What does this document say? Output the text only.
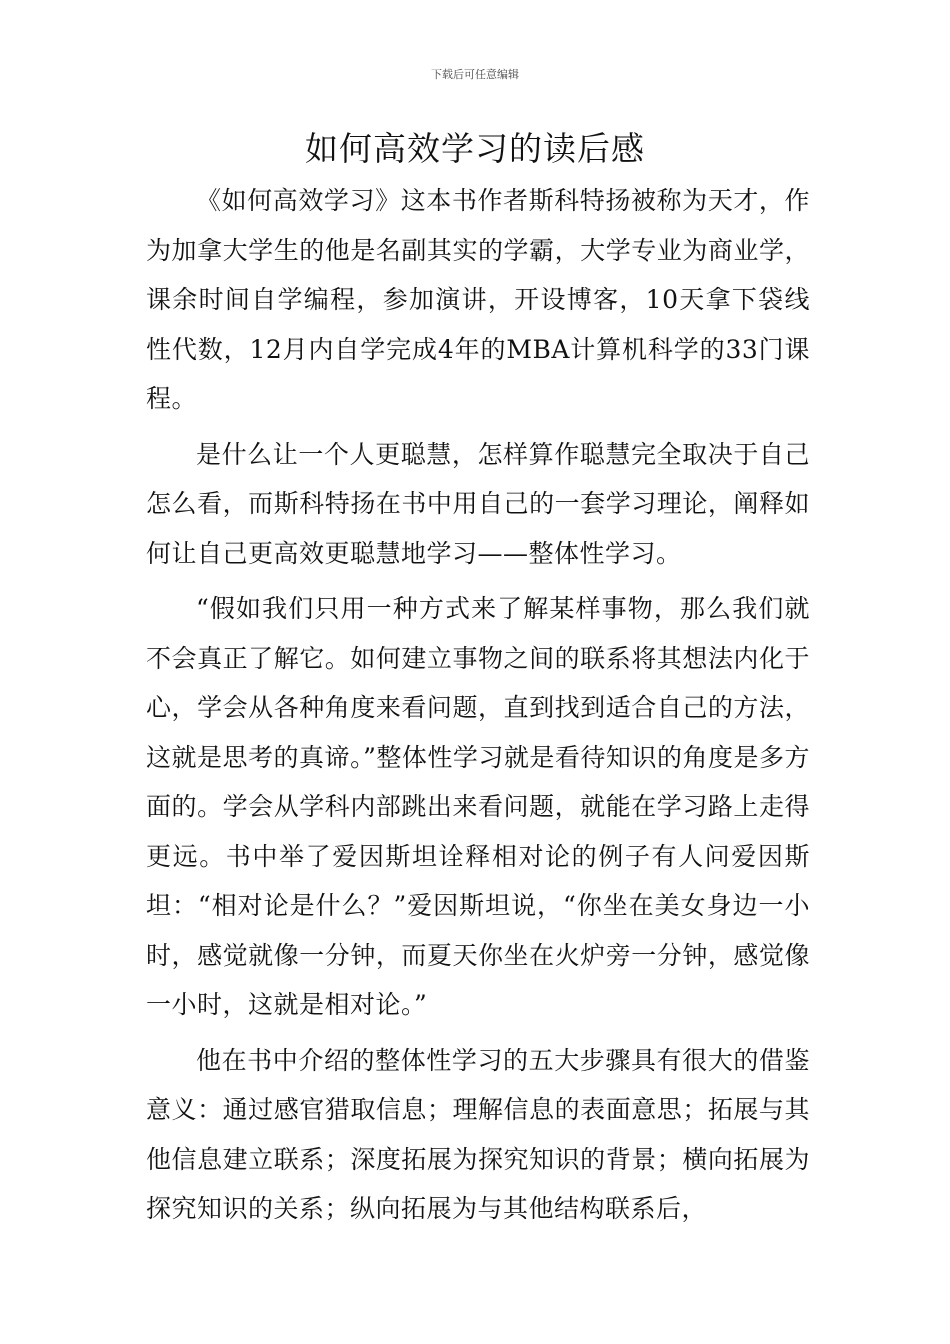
下载后可任意编辑
如何高效学习的读后感

《如何高效学习》这本书作者斯科特扬被称为天才，作为加拿大学生的他是名副其实的学霸，大学专业为商业学，课余时间自学编程，参加演讲，开设博客，10天拿下袋线性代数，12月内自学完成4年的MBA计算机科学的33门课程。

是什么让一个人更聪慧，怎样算作聪慧完全取决于自己怎么看，而斯科特扬在书中用自己的一套学习理论，阐释如何让自己更高效更聪慧地学习——整体性学习。

“假如我们只用一种方式来了解某样事物，那么我们就不会真正了解它。如何建立事物之间的联系将其想法内化于心，学会从各种角度来看问题，直到找到适合自己的方法，这就是思考的真谛。”整体性学习就是看待知识的角度是多方面的。学会从学科内部跳出来看问题，就能在学习路上走得更远。书中举了爱因斯坦诠释相对论的例子有人问爱因斯坦：“相对论是什么？”爱因斯坦说，“你坐在美女身边一小时，感觉就像一分钟，而夏天你坐在火炉旁一分钟，感觉像一小时，这就是相对论。”

他在书中介绍的整体性学习的五大步骤具有很大的借鉴意义：通过感官猎取信息；理解信息的表面意思；拓展与其他信息建立联系；深度拓展为探究知识的背景；横向拓展为探究知识的关系；纵向拓展为与其他结构联系后，
